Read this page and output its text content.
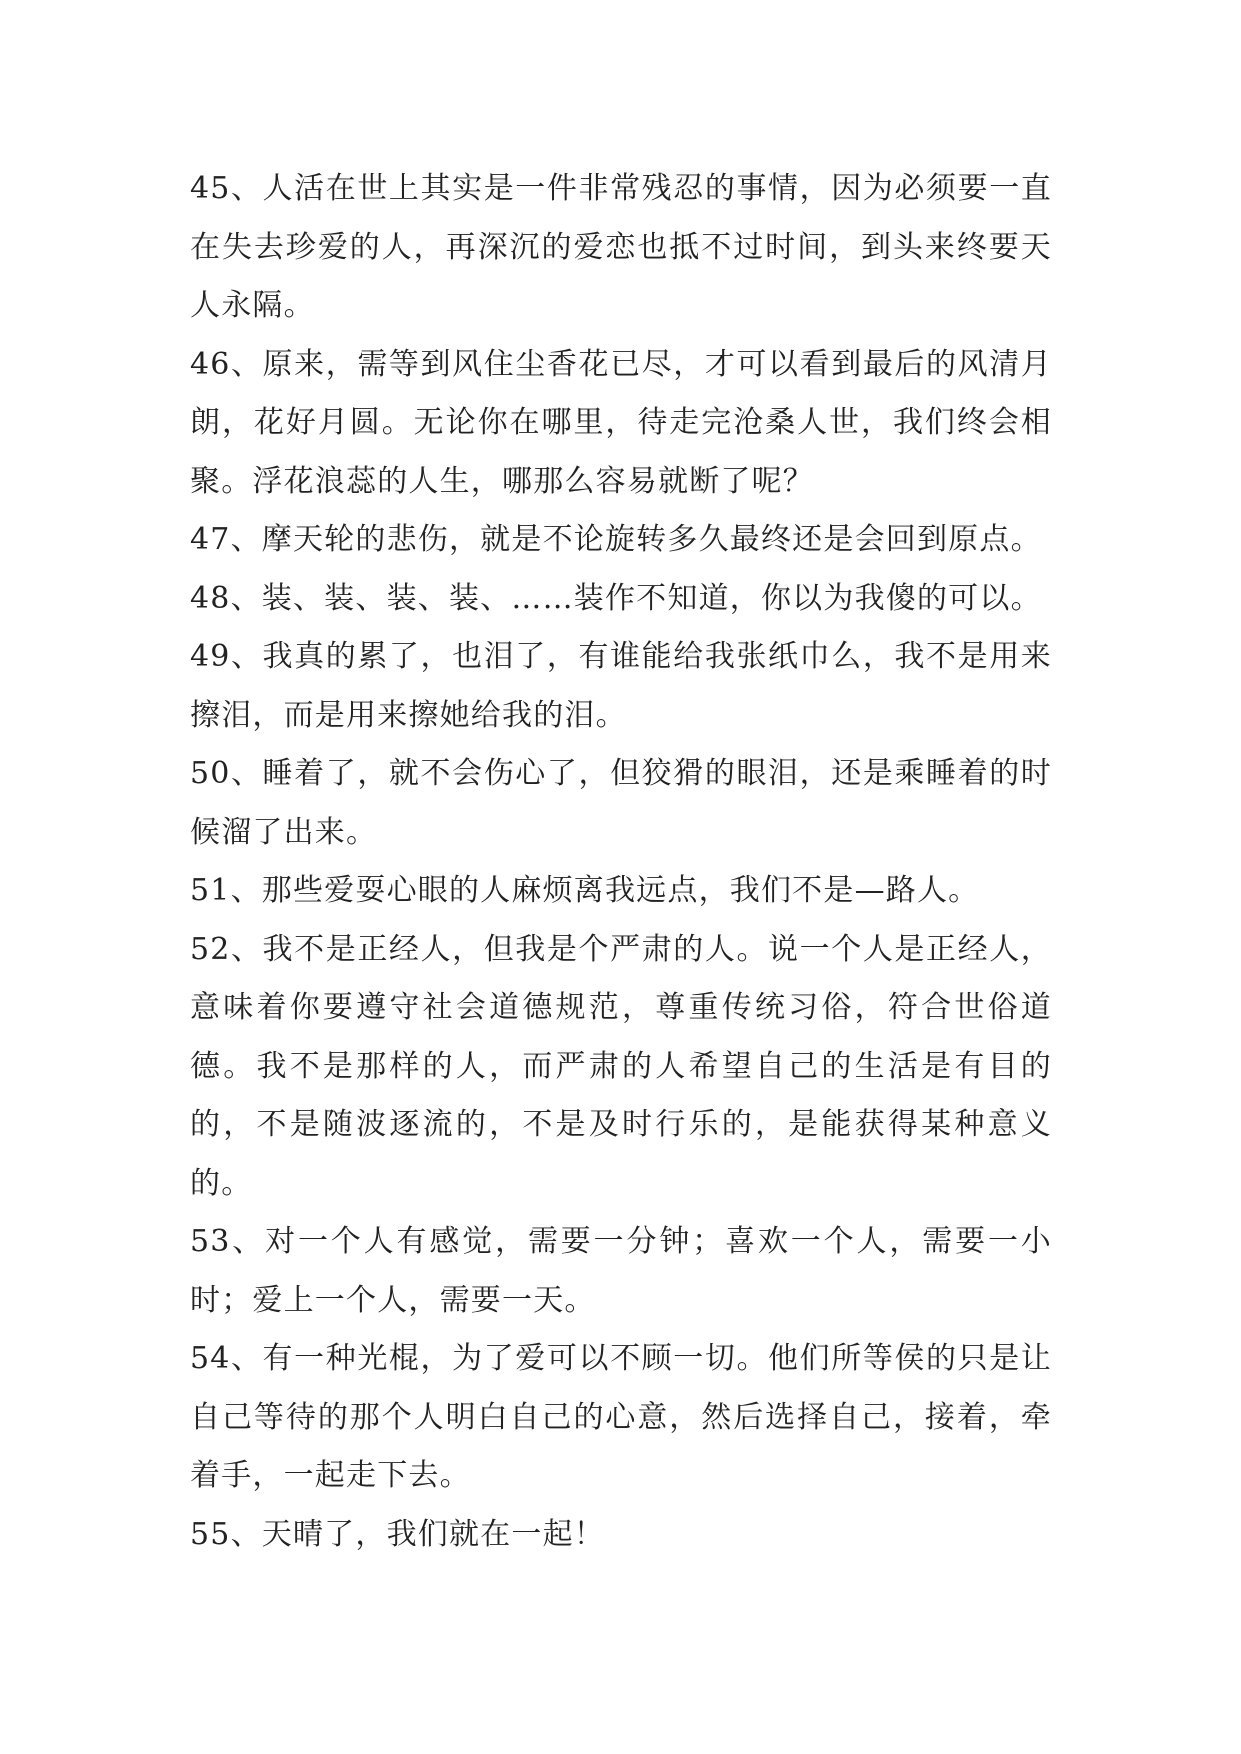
45、人活在世上其实是一件非常残忍的事情，因为必须要一直在失去珍爱的人，再深沉的爱恋也抵不过时间，到头来终要天人永隔。

46、原来，需等到风住尘香花已尽，才可以看到最后的风清月朗，花好月圆。无论你在哪里，待走完沧桑人世，我们终会相聚。浮花浪蕊的人生，哪那么容易就断了呢？

47、摩天轮的悲伤，就是不论旋转多久最终还是会回到原点。

48、装、装、装、装、……装作不知道，你以为我傻的可以。

49、我真的累了，也泪了，有谁能给我张纸巾么，我不是用来擦泪，而是用来擦她给我的泪。

50、睡着了，就不会伤心了，但狡猾的眼泪，还是乘睡着的时候溜了出来。

51、那些爱耍心眼的人麻烦离我远点，我们不是—路人。

52、我不是正经人，但我是个严肃的人。说一个人是正经人，意味着你要遵守社会道德规范，尊重传统习俗，符合世俗道德。我不是那样的人，而严肃的人希望自己的生活是有目的的，不是随波逐流的，不是及时行乐的，是能获得某种意义的。

53、对一个人有感觉，需要一分钟；喜欢一个人，需要一小时；爱上一个人，需要一天。

54、有一种光棍，为了爱可以不顾一切。他们所等侯的只是让自己等待的那个人明白自己的心意，然后选择自己，接着，牵着手，一起走下去。

55、天晴了，我们就在一起！
